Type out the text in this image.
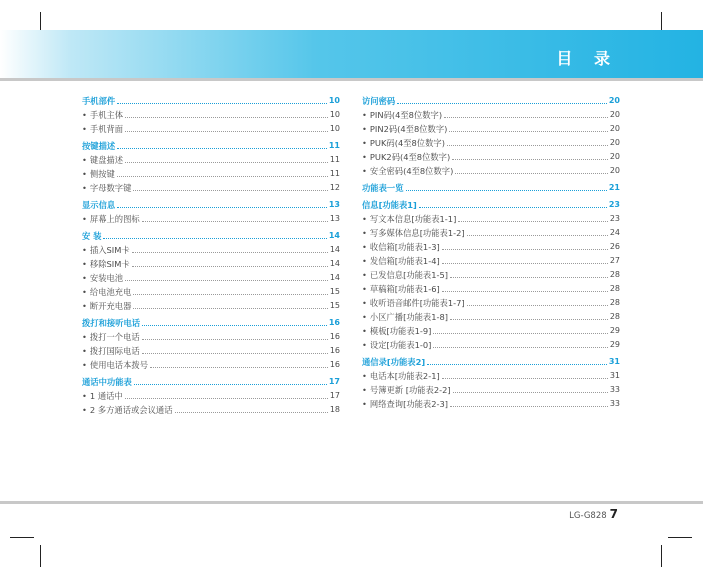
目 录
手机部件	10
• 手机主体	10
• 手机背面	10
按键描述	11
• 键盘描述	11
• 侧按键	11
• 字母数字键	12
显示信息	13
• 屏幕上的图标	13
安 装	14
• 插入SIM卡	14
• 移除SIM卡	14
• 安装电池	14
• 给电池充电	15
• 断开充电器	15
拨打和接听电话	16
• 拨打一个电话	16
• 拨打国际电话	16
• 使用电话本拨号	16
通话中功能表	17
• 1 通话中	17
• 2 多方通话或会议通话	18
访问密码	20
• PIN码(4至8位数字)	20
• PIN2码(4至8位数字)	20
• PUK码(4至8位数字)	20
• PUK2码(4至8位数字)	20
• 安全密码(4至8位数字)	20
功能表一览	21
信息[功能表1]	23
• 写文本信息[功能表1-1]	23
• 写多媒体信息[功能表1-2]	24
• 收信箱[功能表1-3]	26
• 发信箱[功能表1-4]	27
• 已发信息[功能表1-5]	28
• 草稿箱[功能表1-6]	28
• 收听语音邮件[功能表1-7]	28
• 小区广播[功能表1-8]	28
• 模板[功能表1-9]	29
• 设定[功能表1-0]	29
通信录[功能表2]	31
• 电话本[功能表2-1]	31
• 号簿更新 [功能表2-2]	33
• 网络查询[功能表2-3]	33
LG-G828 7
